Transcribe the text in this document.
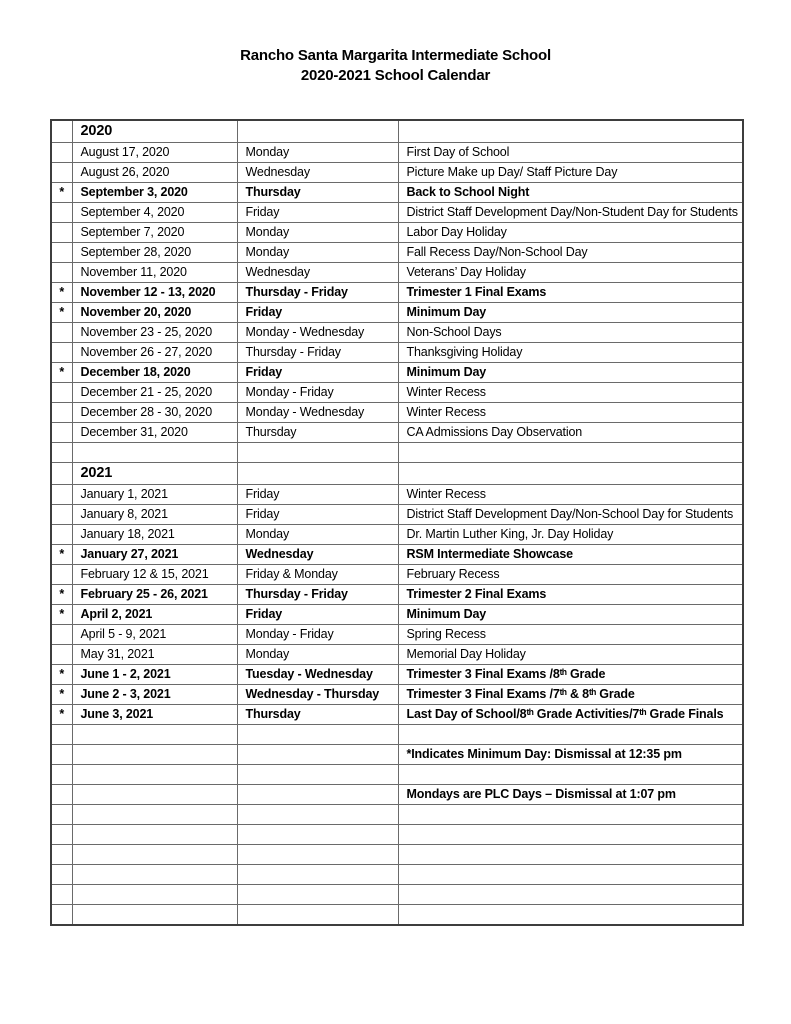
Rancho Santa Margarita Intermediate School
2020-2021 School Calendar
	2020		
	August 17, 2020	Monday	First Day of School
	August 26, 2020	Wednesday	Picture Make up Day/ Staff Picture Day
*	September 3, 2020	Thursday	Back to School Night
	September 4, 2020	Friday	District Staff Development Day/Non-Student Day for Students
	September 7, 2020	Monday	Labor Day Holiday
	September 28, 2020	Monday	Fall Recess Day/Non-School Day
	November 11, 2020	Wednesday	Veterans’ Day Holiday
*	November 12 - 13, 2020	Thursday - Friday	Trimester 1 Final Exams
*	November 20, 2020	Friday	Minimum Day
	November 23 - 25, 2020	Monday - Wednesday	Non-School Days
	November 26 - 27, 2020	Thursday - Friday	Thanksgiving Holiday
*	December 18, 2020	Friday	Minimum Day
	December 21 - 25, 2020	Monday - Friday	Winter Recess
	December 28 - 30, 2020	Monday - Wednesday	Winter Recess
	December 31, 2020	Thursday	CA Admissions Day Observation

	2021		
	January 1, 2021	Friday	Winter Recess
	January 8, 2021	Friday	District Staff Development Day/Non-School Day for Students
	January 18, 2021	Monday	Dr. Martin Luther King, Jr. Day Holiday
*	January 27, 2021	Wednesday	RSM Intermediate Showcase
	February 12 & 15, 2021	Friday & Monday	February Recess
*	February 25 - 26, 2021	Thursday - Friday	Trimester 2 Final Exams
*	April 2, 2021	Friday	Minimum Day
	April 5 - 9, 2021	Monday - Friday	Spring Recess
	May 31, 2021	Monday	Memorial Day Holiday
*	June 1 - 2, 2021	Tuesday - Wednesday	Trimester 3 Final Exams /8ᵗʰ Grade
*	June 2 - 3, 2021	Wednesday - Thursday	Trimester 3 Final Exams /7ᵗʰ & 8ᵗʰ Grade
*	June 3, 2021	Thursday	Last Day of School/8ᵗʰ Grade Activities/7ᵗʰ Grade Finals

			*Indicates Minimum Day: Dismissal at 12:35 pm

			Mondays are PLC Days – Dismissal at 1:07 pm
